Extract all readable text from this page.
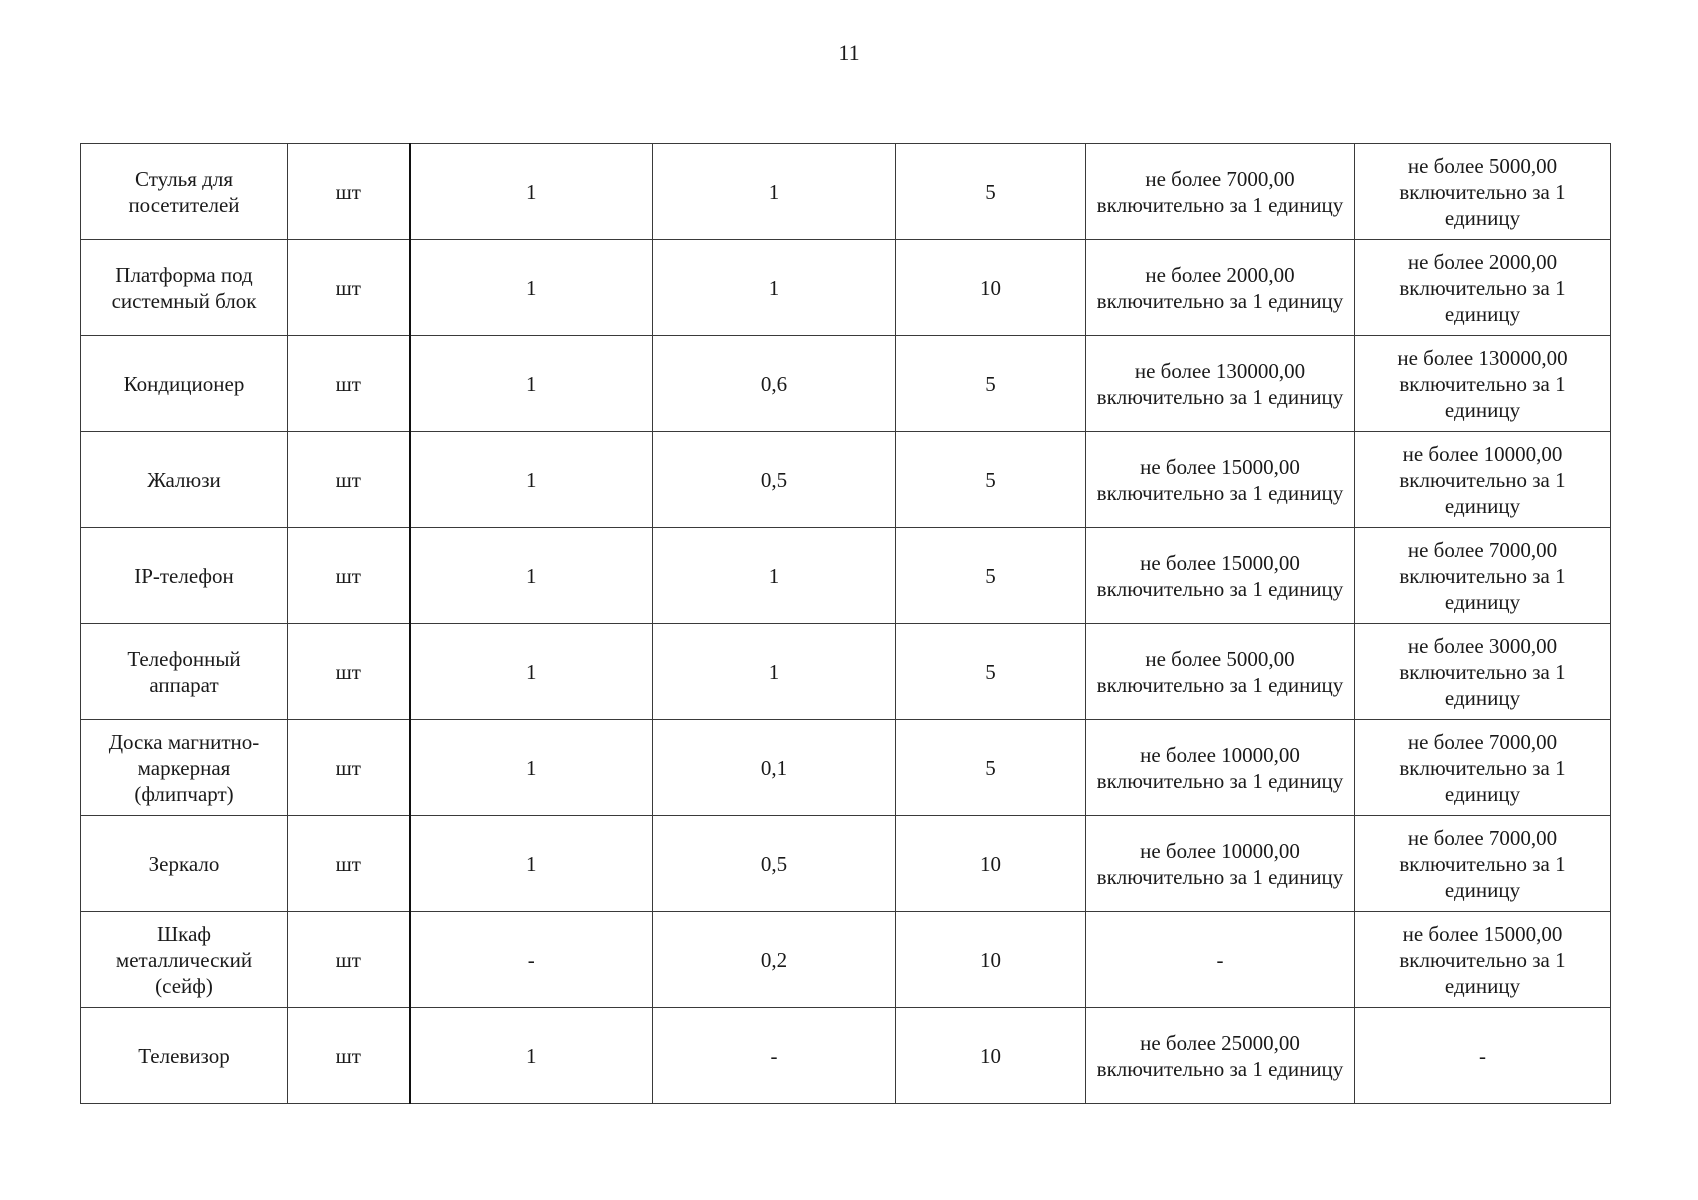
11
Стулья для посетителей	шт	1	1	5	не более 7000,00 включительно за 1 единицу	не более 5000,00 включительно за 1 единицу
Платформа под системный блок	шт	1	1	10	не более 2000,00 включительно за 1 единицу	не более 2000,00 включительно за 1 единицу
Кондиционер	шт	1	0,6	5	не более 130000,00 включительно за 1 единицу	не более 130000,00 включительно за 1 единицу
Жалюзи	шт	1	0,5	5	не более 15000,00 включительно за 1 единицу	не более 10000,00 включительно за 1 единицу
IP-телефон	шт	1	1	5	не более 15000,00 включительно за 1 единицу	не более 7000,00 включительно за 1 единицу
Телефонный аппарат	шт	1	1	5	не более 5000,00 включительно за 1 единицу	не более 3000,00 включительно за 1 единицу
Доска магнитно-маркерная (флипчарт)	шт	1	0,1	5	не более 10000,00 включительно за 1 единицу	не более 7000,00 включительно за 1 единицу
Зеркало	шт	1	0,5	10	не более 10000,00 включительно за 1 единицу	не более 7000,00 включительно за 1 единицу
Шкаф металлический (сейф)	шт	-	0,2	10	-	не более 15000,00 включительно за 1 единицу
Телевизор	шт	1	-	10	не более 25000,00 включительно за 1 единицу	-
